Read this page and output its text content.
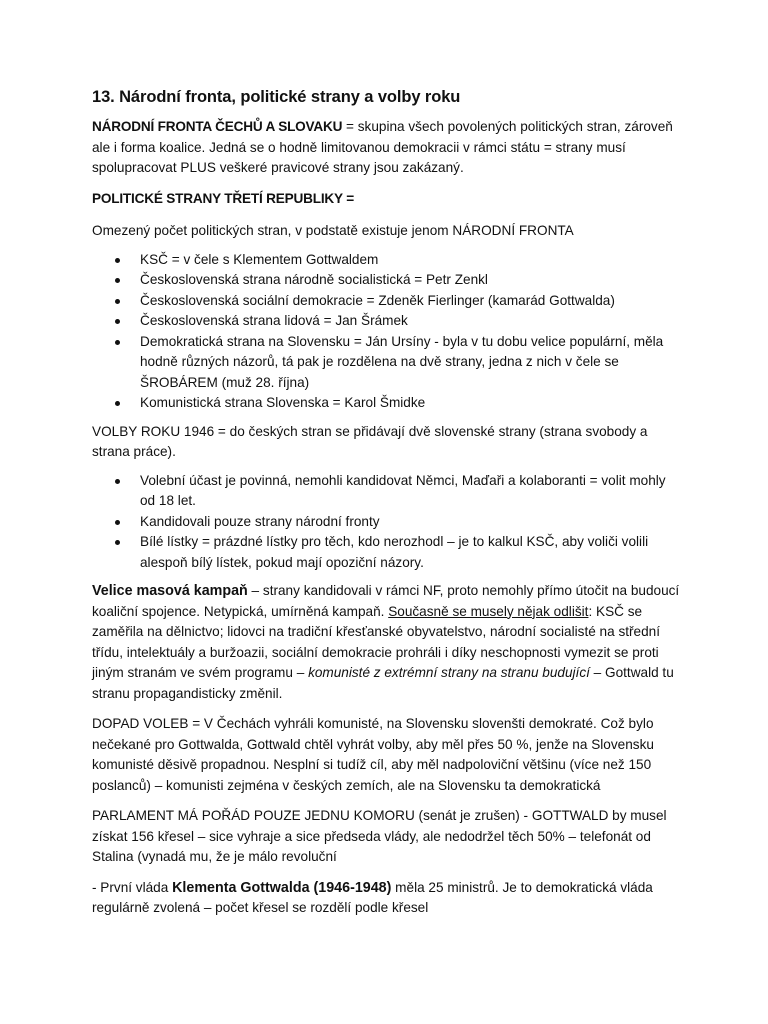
13. Národní fronta, politické strany a volby roku

NÁRODNÍ FRONTA ČECHŮ A SLOVAKU = skupina všech povolených politických stran, zároveň ale i forma koalice. Jedná se o hodně limitovanou demokracii v rámci státu = strany musí spolupracovat PLUS veškeré pravicové strany jsou zakázaný.

POLITICKÉ STRANY TŘETÍ REPUBLIKY =

Omezený počet politických stran, v podstatě existuje jenom NÁRODNÍ FRONTA

KSČ = v čele s Klementem Gottwaldem
Československá strana národně socialistická = Petr Zenkl
Československá sociální demokracie = Zdeněk Fierlinger (kamarád Gottwalda)
Československá strana lidová = Jan Šrámek
Demokratická strana na Slovensku = Ján Ursíny - byla v tu dobu velice populární, měla hodně různých názorů, tá pak je rozdělena na dvě strany, jedna z nich v čele se ŠROBÁREM (muž 28. října)
Komunistická strana Slovenska = Karol Šmidke

VOLBY ROKU 1946 = do českých stran se přidávají dvě slovenské strany (strana svobody a strana práce).

Volební účast je povinná, nemohli kandidovat Němci, Maďaři a kolaboranti = volit mohly od 18 let.
Kandidovali pouze strany národní fronty
Bílé lístky = prázdné lístky pro těch, kdo nerozhodl – je to kalkul KSČ, aby voliči volili alespoň bílý lístek, pokud mají opoziční názory.

Velice masová kampaň – strany kandidovali v rámci NF, proto nemohly přímo útočit na budoucí koaliční spojence. Netypická, umírněná kampaň. Současně se musely nějak odlišit: KSČ se zaměřila na dělnictvo; lidovci na tradiční křesťanské obyvatelstvo, národní socialisté na střední třídu, intelektuály a buržoazii, sociální demokracie prohráli i díky neschopnosti vymezit se proti jiným stranám ve svém programu – komunisté z extrémní strany na stranu budující – Gottwald tu stranu propagandisticky změnil.

DOPAD VOLEB = V Čechách vyhráli komunisté, na Slovensku slovenšti demokraté. Což bylo nečekané pro Gottwalda, Gottwald chtěl vyhrát volby, aby měl přes 50 %, jenže na Slovensku komunisté děsivě propadnou. Nesplní si tudíž cíl, aby měl nadpoloviční většinu (více než 150 poslanců) – komunisti zejména v českých zemích, ale na Slovensku ta demokratická

PARLAMENT MÁ POŘÁD POUZE JEDNU KOMORU (senát je zrušen) - GOTTWALD by musel získat 156 křesel – sice vyhraje a sice předseda vlády, ale nedodržel těch 50% – telefonát od Stalina (vynadá mu, že je málo revoluční

- První vláda Klementa Gottwalda (1946-1948) měla 25 ministrů. Je to demokratická vláda regulárně zvolená – počet křesel se rozdělí podle křesel
